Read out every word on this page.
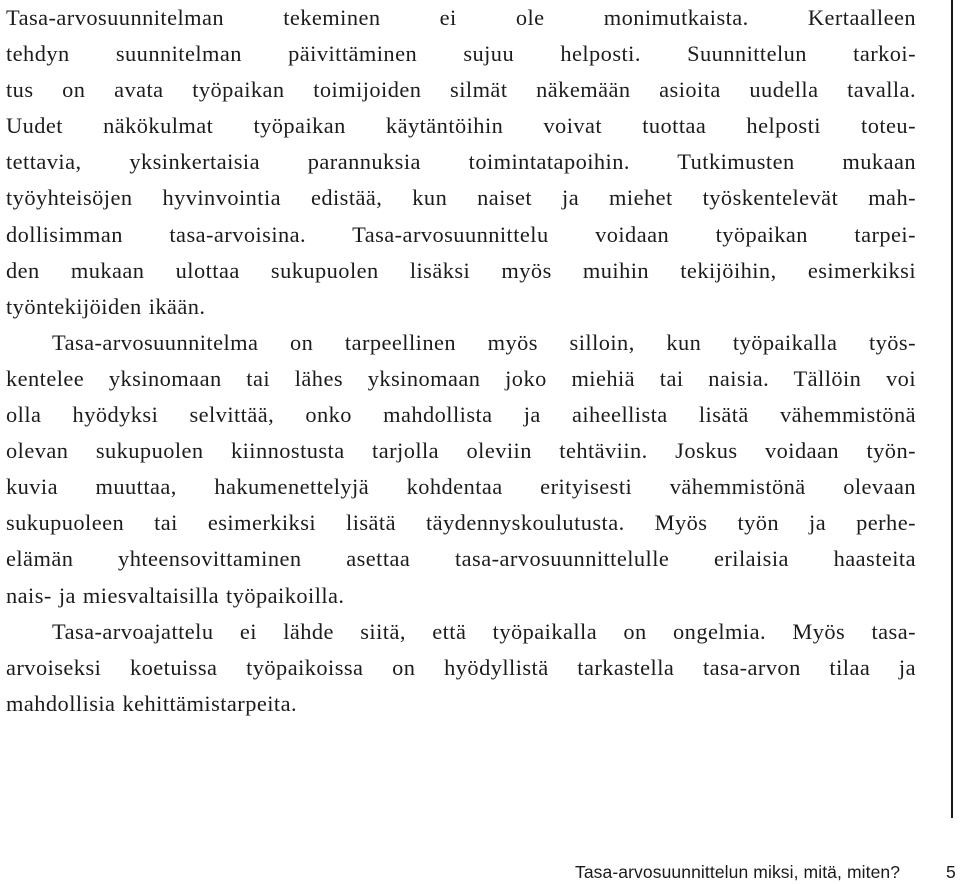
Tasa-arvosuunnitelman tekeminen ei ole monimutkaista. Kertaalleen
tehdyn suunnitelman päivittäminen sujuu helposti. Suunnittelun tarkoi-
tus on avata työpaikan toimijoiden silmät näkemään asioita uudella tavalla.
Uudet näkökulmat työpaikan käytäntöihin voivat tuottaa helposti toteu-
tettavia, yksinkertaisia parannuksia toimintatapoihin. Tutkimusten mukaan
työyhteisöjen hyvinvointia edistää, kun naiset ja miehet työskentelevät mah-
dollisimman tasa-arvoisina. Tasa-arvosuunnittelu voidaan työpaikan tarpei-
den mukaan ulottaa sukupuolen lisäksi myös muihin tekijöihin, esimerkiksi
työntekijöiden ikään.
Tasa-arvosuunnitelma on tarpeellinen myös silloin, kun työpaikalla työs-
kentelee yksinomaan tai lähes yksinomaan joko miehiä tai naisia. Tällöin voi
olla hyödyksi selvittää, onko mahdollista ja aiheellista lisätä vähemmistönä
olevan sukupuolen kiinnostusta tarjolla oleviin tehtäviin. Joskus voidaan työn-
kuvia muuttaa, hakumenettelyjä kohdentaa erityisesti vähemmistönä olevaan
sukupuoleen tai esimerkiksi lisätä täydennyskoulutusta. Myös työn ja perhe-
elämän yhteensovittaminen asettaa tasa-arvosuunnittelulle erilaisia haasteita
nais- ja miesvaltaisilla työpaikoilla.
Tasa-arvoajattelu ei lähde siitä, että työpaikalla on ongelmia. Myös tasa-
arvoiseksi koetuissa työpaikoissa on hyödyllistä tarkastella tasa-arvon tilaa ja
mahdollisia kehittämistarpeita.
Tasa-arvosuunnittelun miksi, mitä, miten?	5
